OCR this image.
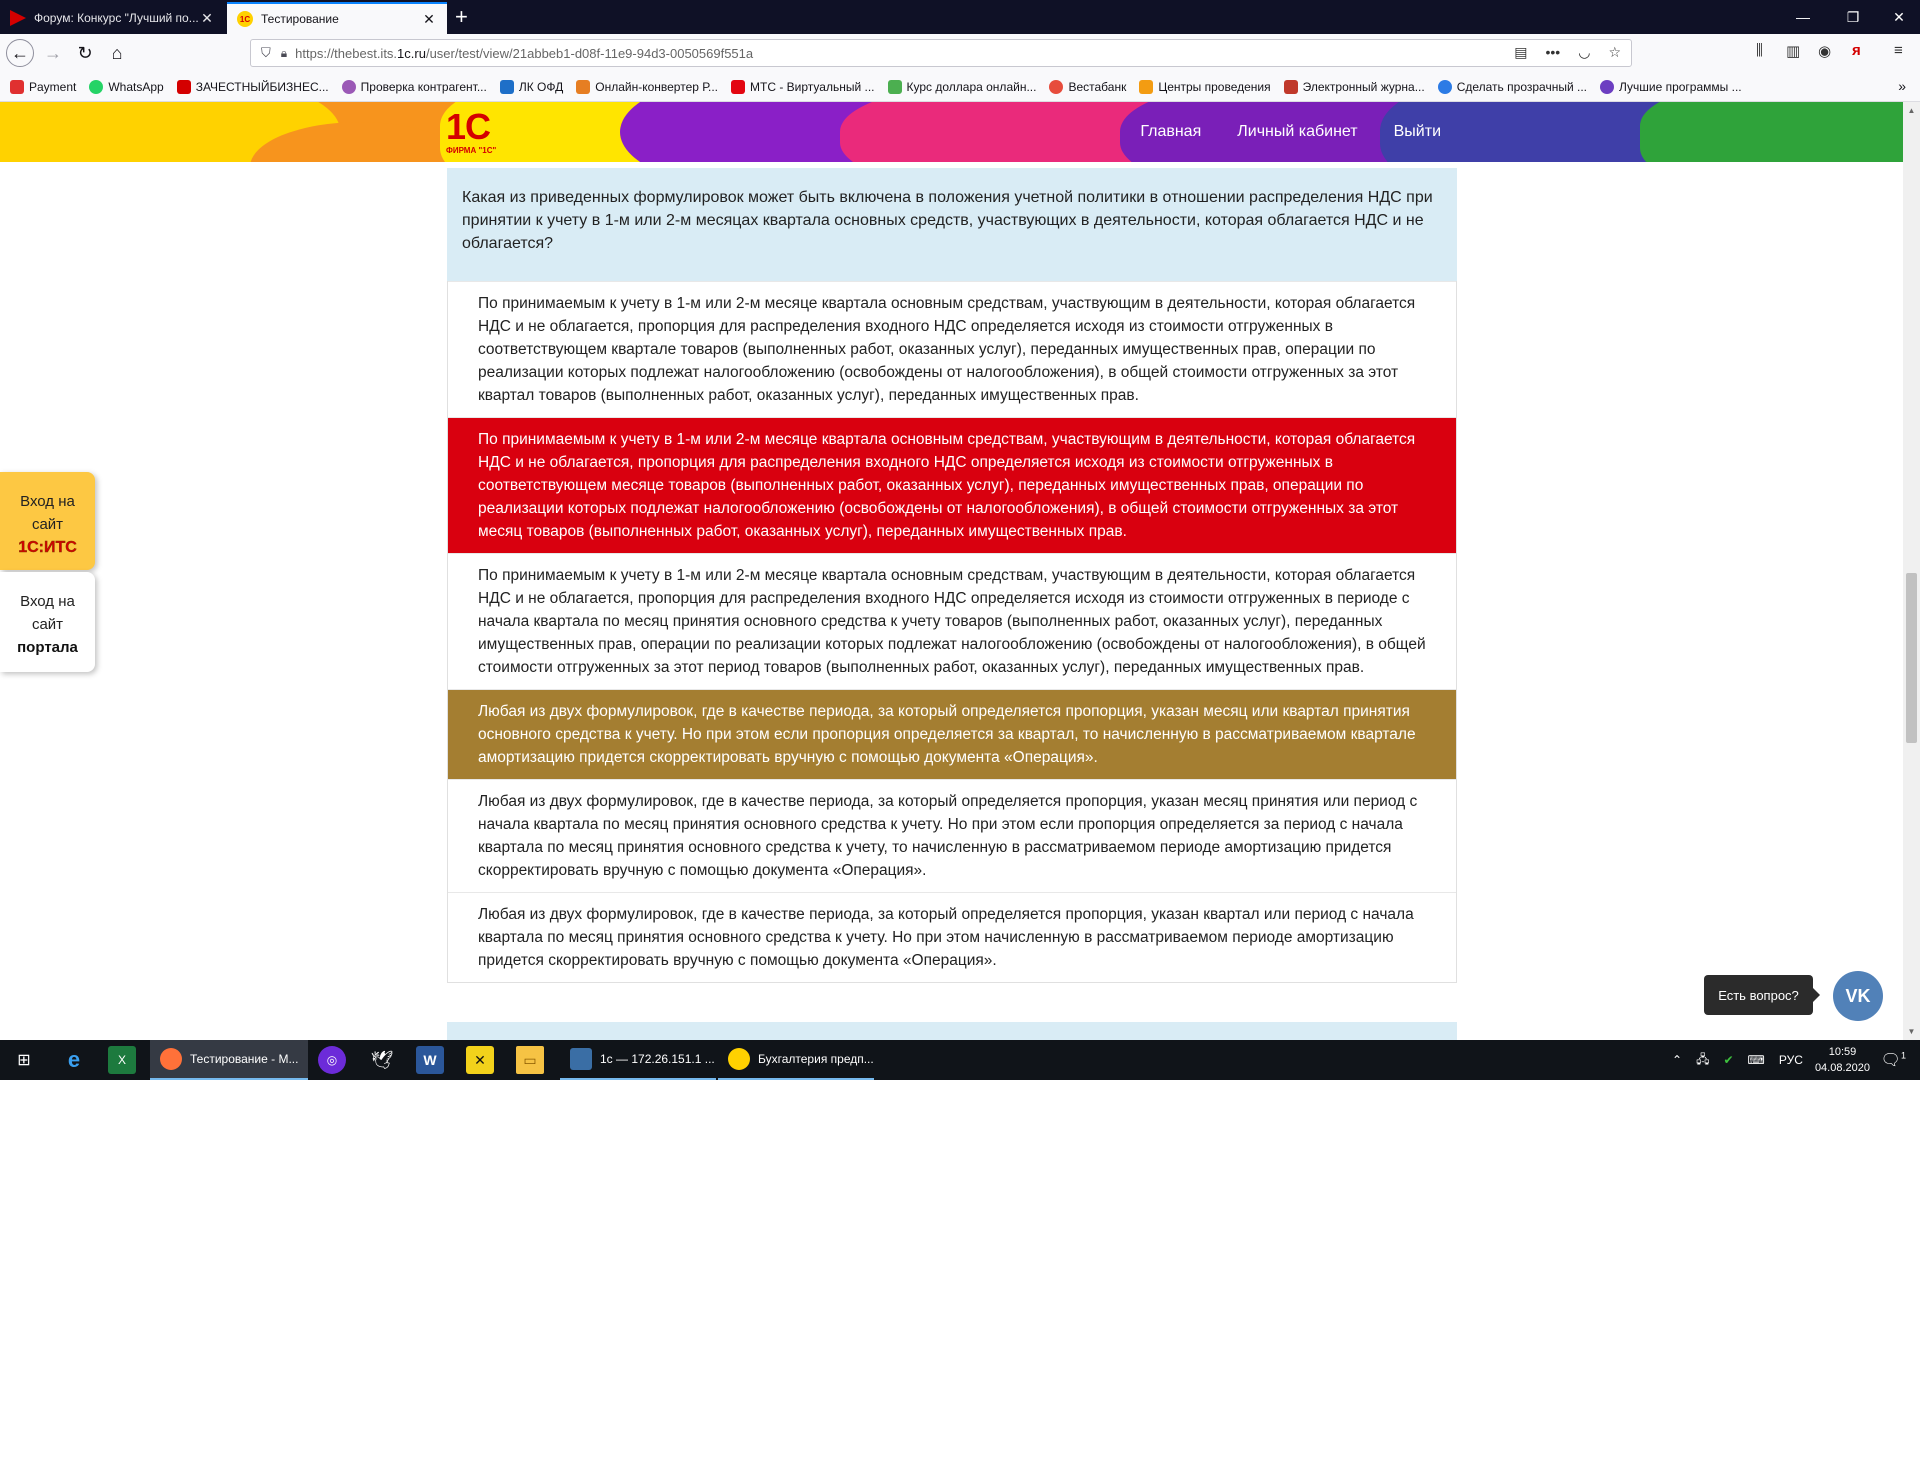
Форум: Конкурс "Лучший по... ✕	1С Тестирование	✕ +	—	❐	✕
← → ↻ ⌂	⛉ 🔒︎ https://thebest.its. 1c.ru /user/test/view/21abbeb1-d08f-11e9-94d3-0050569f551a	▤ ••• ◡ ☆	⫼ ▥ ◉ я ≡
Payment	WhatsApp	ЗАЧЕСТНЫЙБИЗНЕС...	Проверка контрагент...	ЛК ОФД	Онлайн-конвертер Р...	МТС - Виртуальный ...	Курс доллара онлайн...	Вестабанк	Центры проведения	Электронный журна...	Сделать прозрачный ...	Лучшие программы ...	»
1С
ФИРМА "1С"
Главная Личный кабинет Выйти
Какая из приведенных формулировок может быть включена в положения учетной политики в отношении распределения НДС при принятии к учету в 1-м или 2-м месяцах квартала основных средств, участвующих в деятельности, которая облагается НДС и не облагается?
По принимаемым к учету в 1-м или 2-м месяце квартала основным средствам, участвующим в деятельности, которая облагается НДС и не облагается, пропорция для распределения входного НДС определяется исходя из стоимости отгруженных в соответствующем квартале товаров (выполненных работ, оказанных услуг), переданных имущественных прав, операции по реализации которых подлежат налогообложению (освобождены от налогообложения), в общей стоимости отгруженных за этот квартал товаров (выполненных работ, оказанных услуг), переданных имущественных прав.
По принимаемым к учету в 1-м или 2-м месяце квартала основным средствам, участвующим в деятельности, которая облагается НДС и не облагается, пропорция для распределения входного НДС определяется исходя из стоимости отгруженных в соответствующем месяце товаров (выполненных работ, оказанных услуг), переданных имущественных прав, операции по реализации которых подлежат налогообложению (освобождены от налогообложения), в общей стоимости отгруженных за этот месяц товаров (выполненных работ, оказанных услуг), переданных имущественных прав.
По принимаемым к учету в 1-м или 2-м месяце квартала основным средствам, участвующим в деятельности, которая облагается НДС и не облагается, пропорция для распределения входного НДС определяется исходя из стоимости отгруженных в периоде с начала квартала по месяц принятия основного средства к учету товаров (выполненных работ, оказанных услуг), переданных имущественных прав, операции по реализации которых подлежат налогообложению (освобождены от налогообложения), в общей стоимости отгруженных за этот период товаров (выполненных работ, оказанных услуг), переданных имущественных прав.
Любая из двух формулировок, где в качестве периода, за который определяется пропорция, указан месяц или квартал принятия основного средства к учету. Но при этом если пропорция определяется за квартал, то начисленную в рассматриваемом квартале амортизацию придется скорректировать вручную с помощью документа «Операция».
Любая из двух формулировок, где в качестве периода, за который определяется пропорция, указан месяц принятия или период с начала квартала по месяц принятия основного средства к учету. Но при этом если пропорция определяется за период с начала квартала по месяц принятия основного средства к учету, то начисленную в рассматриваемом периоде амортизацию придется скорректировать вручную с помощью документа «Операция».
Любая из двух формулировок, где в качестве периода, за который определяется пропорция, указан квартал или период с начала квартала по месяц принятия основного средства к учету. Но при этом начисленную в рассматриваемом периоде амортизацию придется скорректировать вручную с помощью документа «Операция».
Вход на
сайт
1С:ИТС
Вход на
сайт
портала
Есть вопрос?	VK
▲
▼
⊞	e	X	Тестирование - M...	◎	🕊︎	W	✕	▭	1с — 172.26.151.1 ...	Бухгалтерия предп...	⌃ 🖧︎ ✔ ⌨ РУС
10:59
04.08.2020 🗨︎$^1$
